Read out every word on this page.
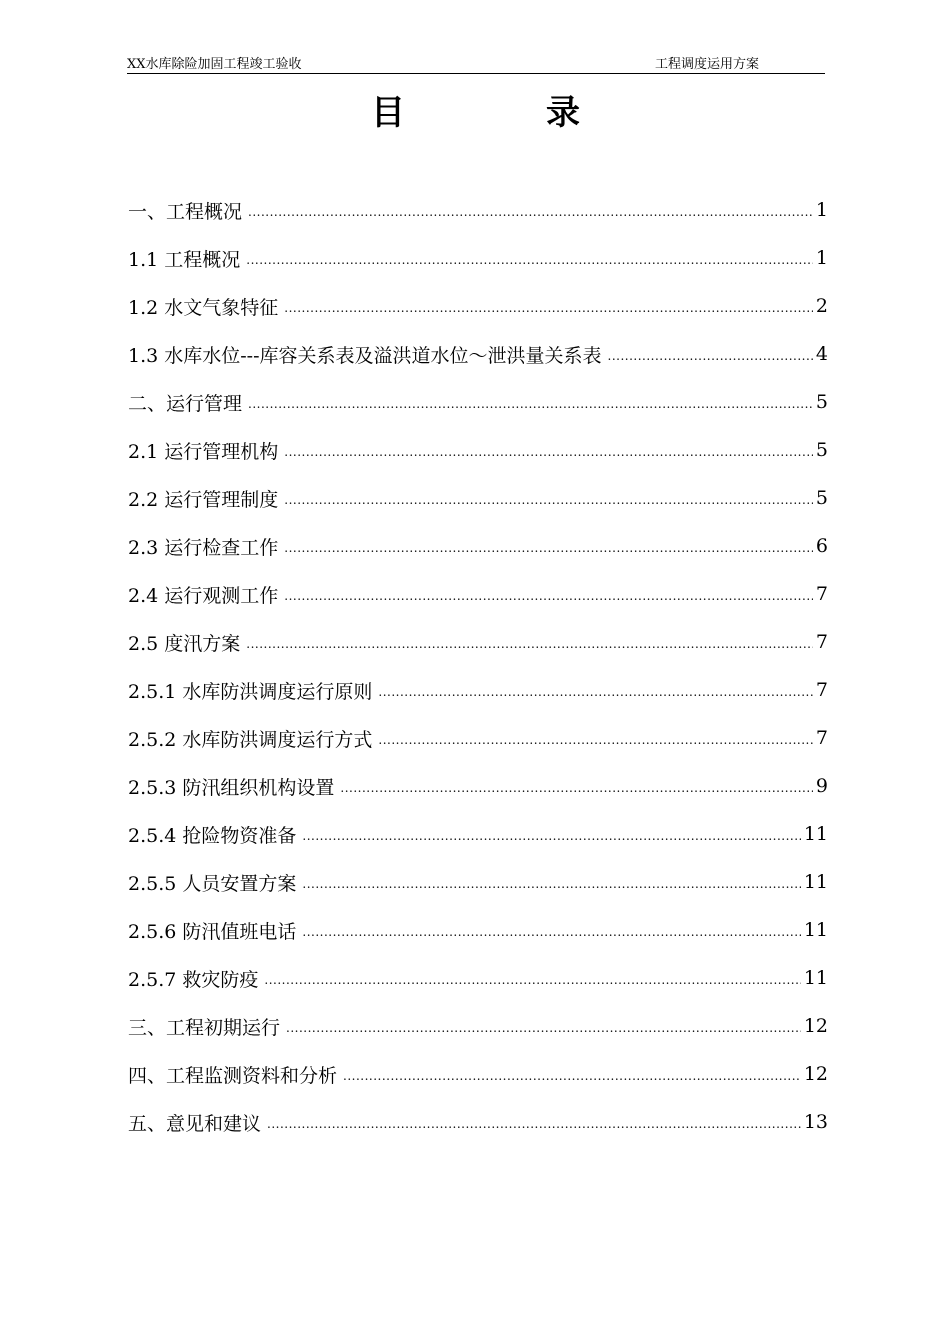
XX水库除险加固工程竣工验收	工程调度运用方案
目	录
一、工程概况 .....	1
1.1 工程概况 .....	1
1.2 水文气象特征 .....	2
1.3 水库水位---库容关系表及溢洪道水位～泄洪量关系表 .....	4
二、运行管理 .....	5
2.1 运行管理机构 .....	5
2.2 运行管理制度 .....	5
2.3 运行检查工作 .....	6
2.4 运行观测工作 .....	7
2.5 度汛方案 .....	7
2.5.1 水库防洪调度运行原则 .....	7
2.5.2 水库防洪调度运行方式 .....	7
2.5.3 防汛组织机构设置 .....	9
2.5.4 抢险物资准备 .....	11
2.5.5 人员安置方案 .....	11
2.5.6 防汛值班电话 .....	11
2.5.7 救灾防疫 .....	11
三、工程初期运行 .....	12
四、工程监测资料和分析 .....	12
五、意见和建议 .....	13
